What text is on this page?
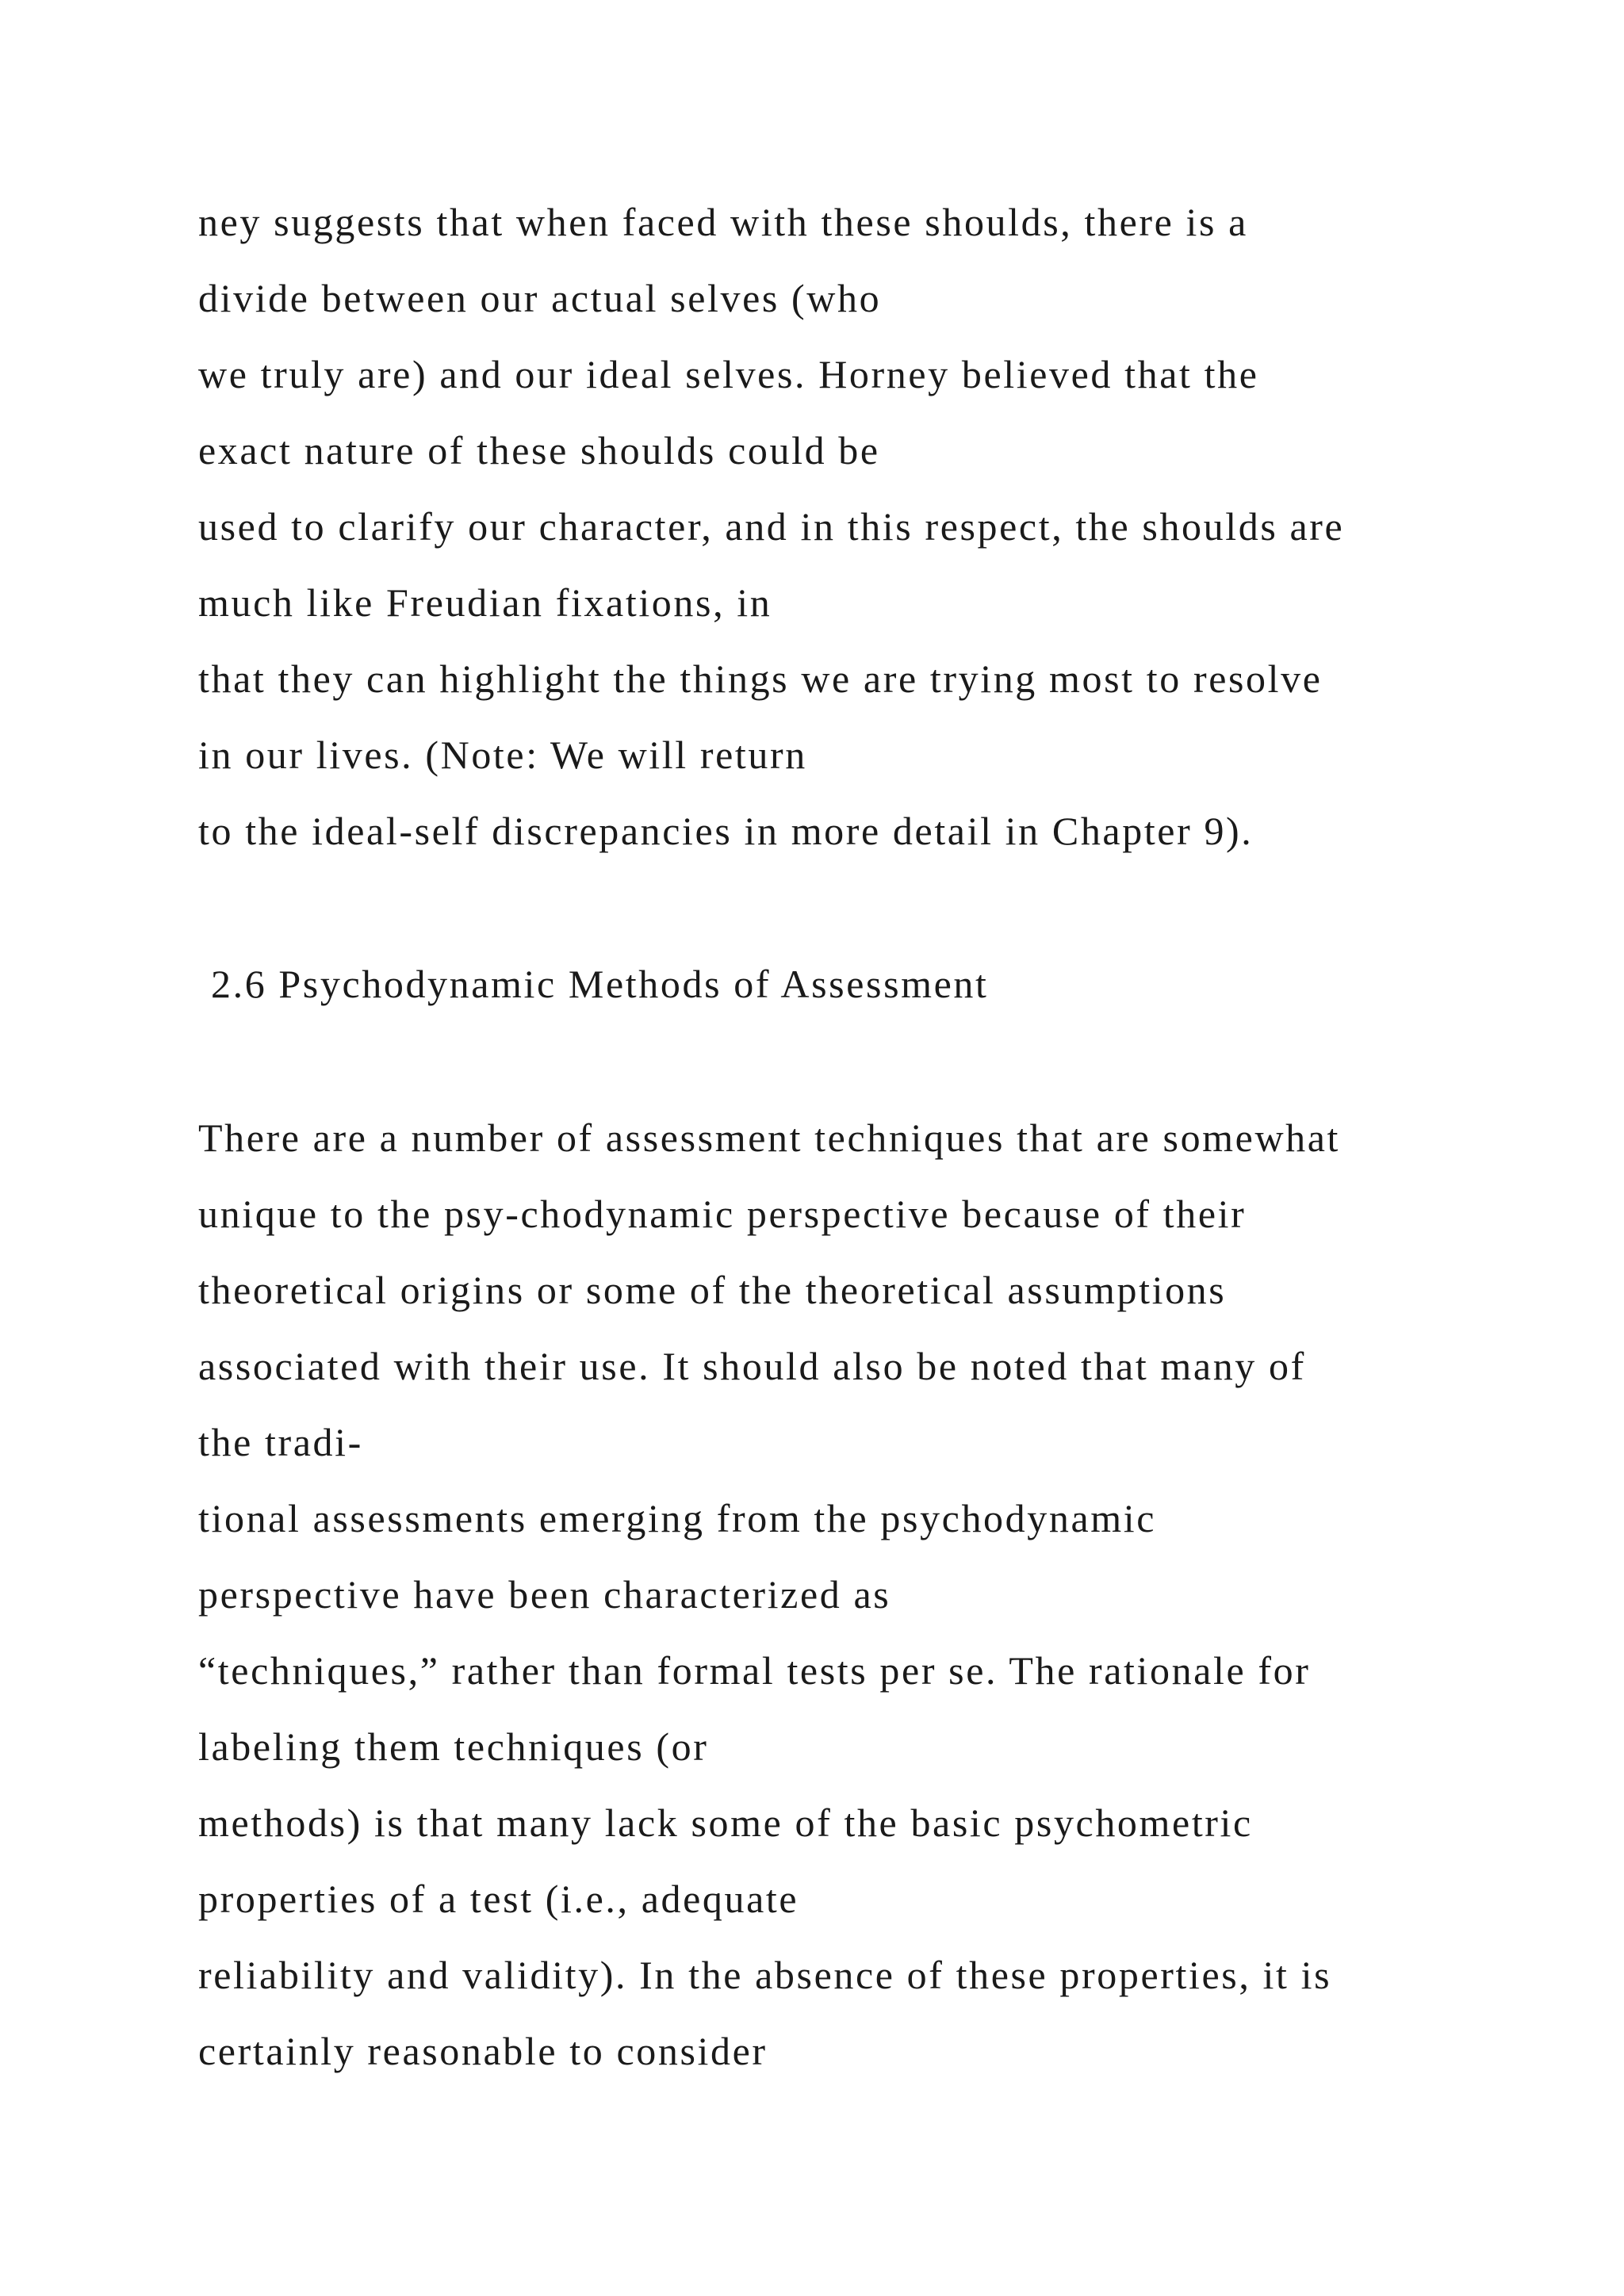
ney suggests that when faced with these shoulds, there is a

divide between our actual selves (who

we truly are) and our ideal selves. Horney believed that the

exact nature of these shoulds could be

used to clarify our character, and in this respect, the shoulds are

much like Freudian fixations, in

that they can highlight the things we are trying most to resolve

in our lives. (Note: We will return

to the ideal-self discrepancies in more detail in Chapter 9).

2.6 Psychodynamic Methods of Assessment

There are a number of assessment techniques that are somewhat

unique to the psy-chodynamic perspective because of their

theoretical origins or some of the theoretical assumptions

associated with their use. It should also be noted that many of

the tradi-

tional assessments emerging from the psychodynamic

perspective have been characterized as

“techniques,” rather than formal tests per se. The rationale for

labeling them techniques (or

methods) is that many lack some of the basic psychometric

properties of a test (i.e., adequate

reliability and validity). In the absence of these properties, it is

certainly reasonable to consider
